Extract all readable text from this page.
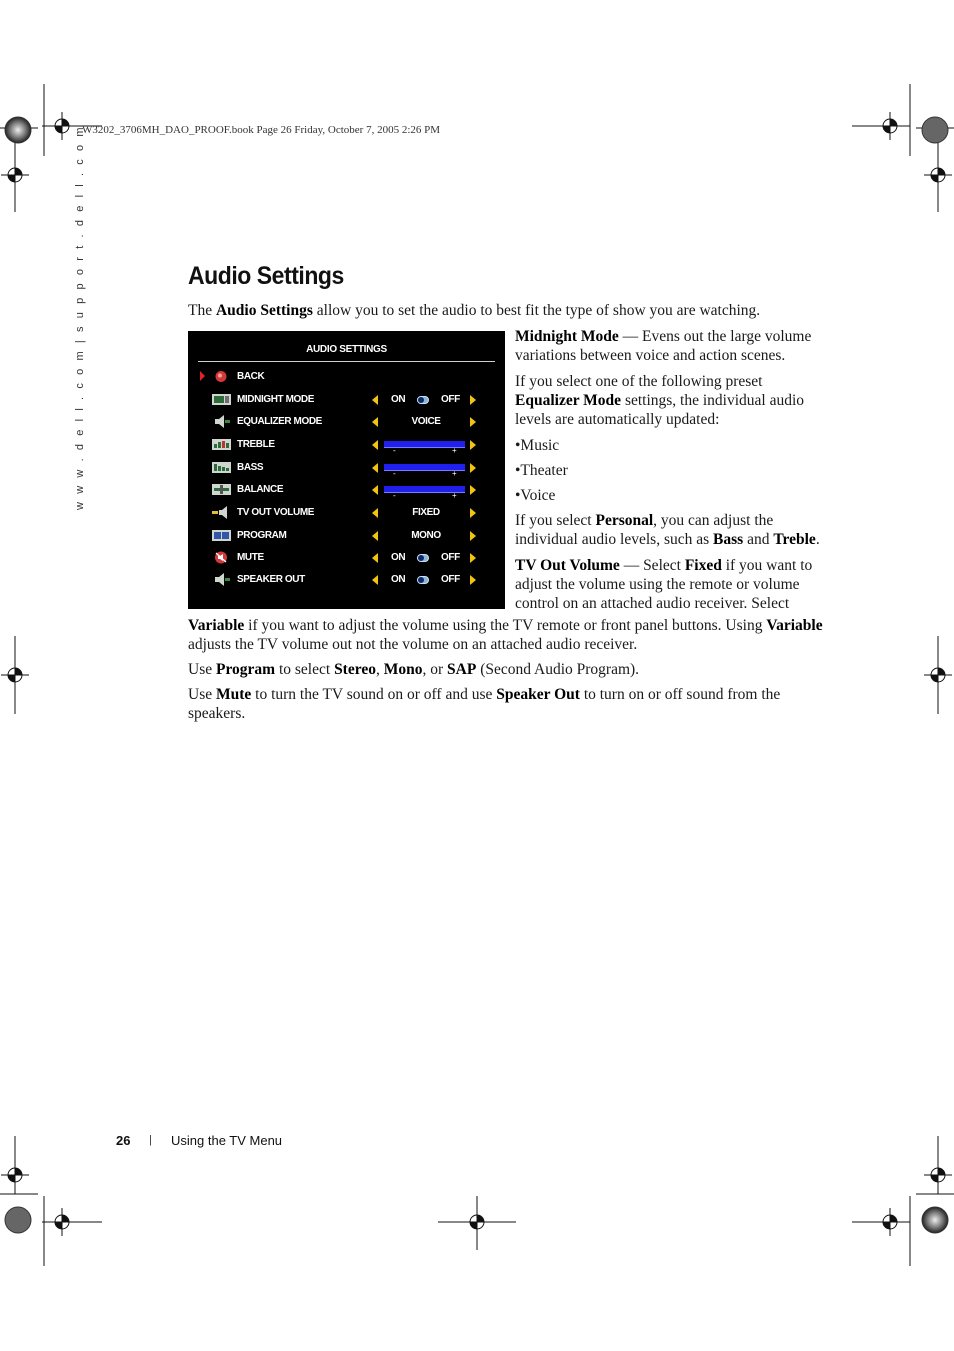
W3202_3706MH_DAO_PROOF.book Page 26 Friday, October 7, 2005 2:26 PM
w w w . d e l l . c o m | s u p p o r t . d e l l . c o m	Audio Settings

The Audio Settings allow you to set the audio to best fit the type of show you are watching.

AUDIO SETTINGS
BACK
MIDNIGHT MODE	ON	OFF
EQUALIZER MODE	VOICE
TREBLE
-	+
BASS
-	+
BALANCE
-	+
TV OUT VOLUME	FIXED
PROGRAM	MONO
MUTE	ON	OFF
SPEAKER OUT	ON	OFF

Midnight Mode — Evens out the large volume variations between voice and action scenes.

If you select one of the following preset Equalizer Mode settings, the individual audio levels are automatically updated:

•Music

•Theater

•Voice

If you select Personal, you can adjust the individual audio levels, such as Bass and Treble.

TV Out Volume — Select Fixed if you want to adjust the volume using the remote or volume control on an attached audio receiver. Select

Variable if you want to adjust the volume using the TV remote or front panel buttons. Using Variable adjusts the TV volume out not the volume on an attached audio receiver.

Use Program to select Stereo, Mono, or SAP (Second Audio Program).

Use Mute to turn the TV sound on or off and use Speaker Out to turn on or off sound from the speakers.

26 | Using the TV Menu
